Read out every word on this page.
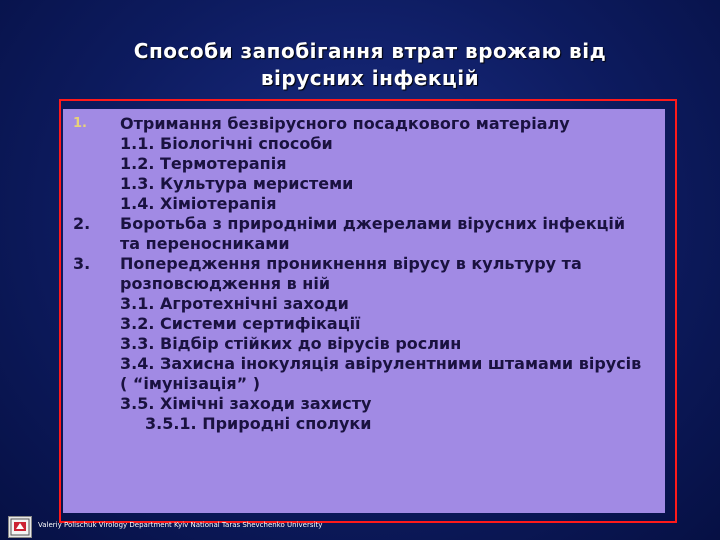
Способи запобігання втрат врожаю від
вірусних інфекцій
1. Отримання безвірусного посадкового матеріалу
1.1. Біологічні способи
1.2. Термотерапія
1.3. Культура меристеми
1.4. Хіміотерапія
2. Боротьба з природніми джерелами вірусних інфекцій
та переносниками
3. Попередження проникнення вірусу в культуру та
розповсюдження в ній
3.1. Агротехнічні заходи
3.2. Системи сертифікації
3.3. Відбір стійких до вірусів рослин
3.4. Захисна інокуляція авірулентними штамами вірусів
( “імунізація” )
3.5. Хімічні заходи захисту
3.5.1. Природні сполуки
Valeriy Polischuk Virology Department Kyiv National Taras Shevchenko University
